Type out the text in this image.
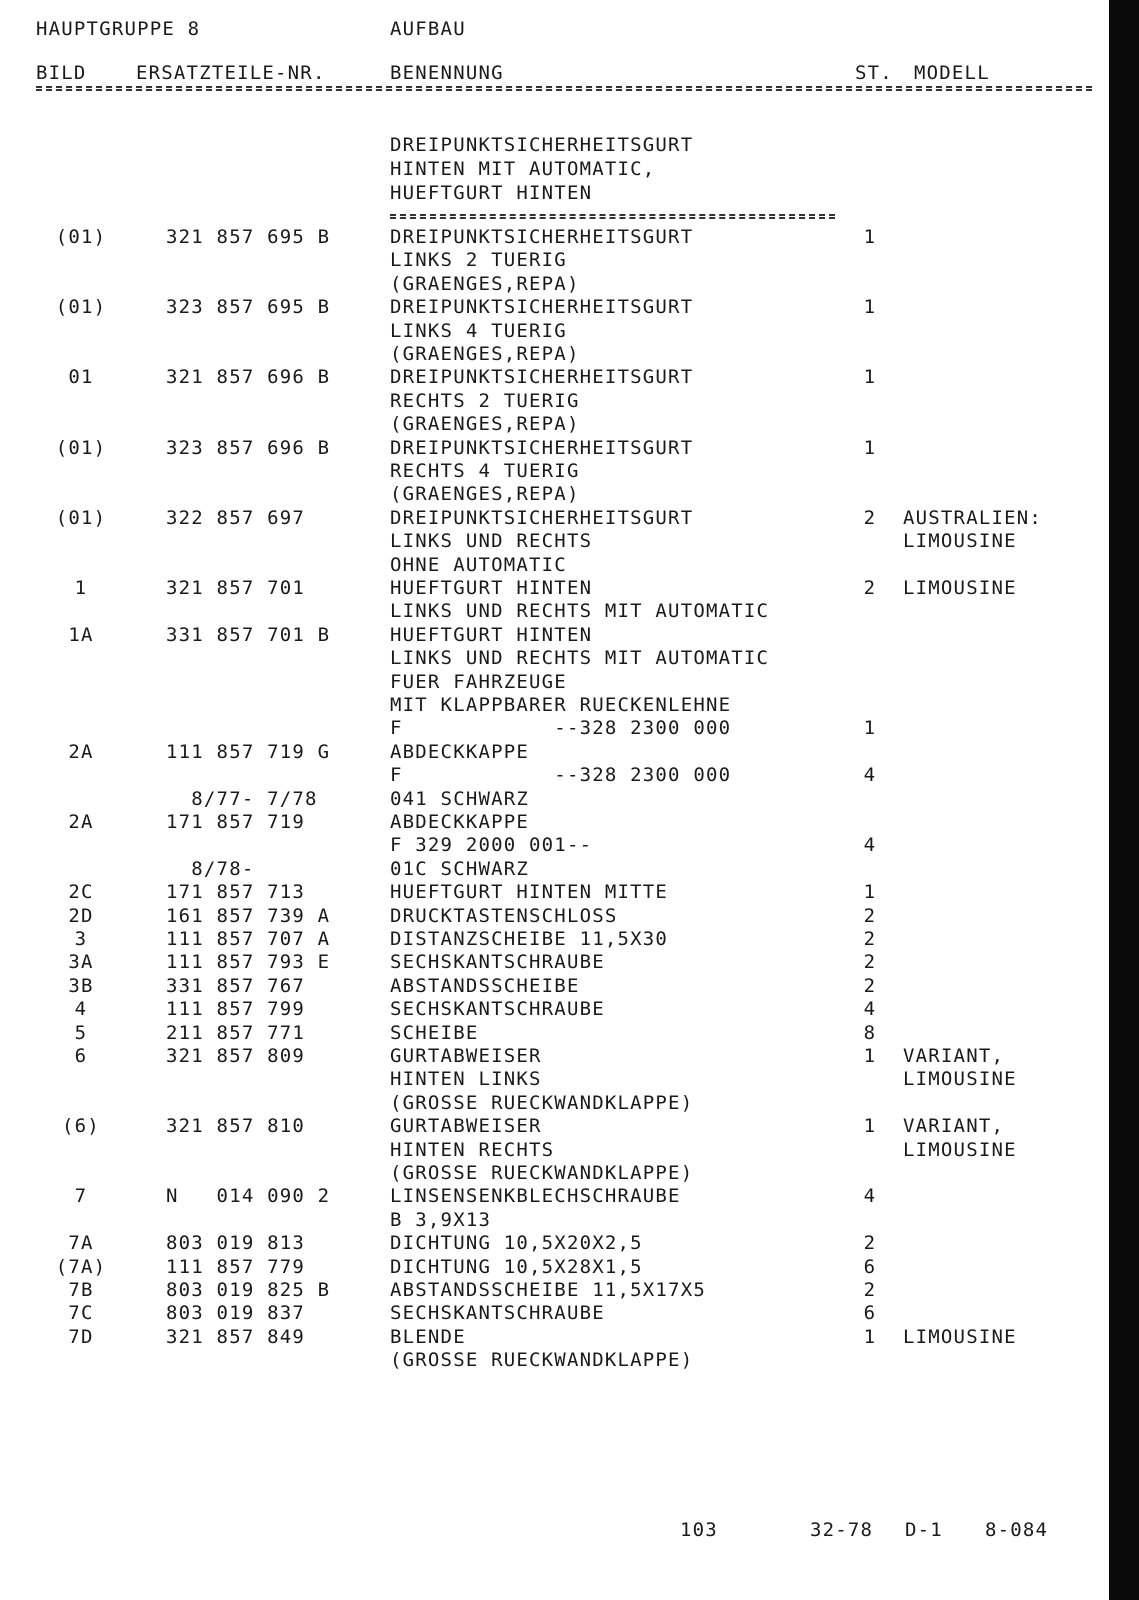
HAUPTGRUPPE 8	AUFBAU
BILD	ERSATZTEILE-NR.	BENENNUNG	ST. MODELL
DREIPUNKTSICHERHEITSGURT
HINTEN MIT AUTOMATIC,
HUEFTGURT HINTEN
(01)	321 857 695 B	DREIPUNKTSICHERHEITSGURT	1
LINKS 2 TUERIG
(GRAENGES,REPA)
(01)	323 857 695 B	DREIPUNKTSICHERHEITSGURT	1
LINKS 4 TUERIG
(GRAENGES,REPA)
01	321 857 696 B	DREIPUNKTSICHERHEITSGURT	1
RECHTS 2 TUERIG
(GRAENGES,REPA)
(01)	323 857 696 B	DREIPUNKTSICHERHEITSGURT	1
RECHTS 4 TUERIG
(GRAENGES,REPA)
(01)	322 857 697	DREIPUNKTSICHERHEITSGURT	2	AUSTRALIEN:
LINKS UND RECHTS	LIMOUSINE
OHNE AUTOMATIC
1	321 857 701	HUEFTGURT HINTEN	2	LIMOUSINE
LINKS UND RECHTS MIT AUTOMATIC
1A	331 857 701 B	HUEFTGURT HINTEN
LINKS UND RECHTS MIT AUTOMATIC
FUER FAHRZEUGE
MIT KLAPPBARER RUECKENLEHNE
F            --328 2300 000	1
2A	111 857 719 G	ABDECKKAPPE
F            --328 2300 000	4
8/77- 7/78	041 SCHWARZ
2A	171 857 719	ABDECKKAPPE
F 329 2000 001--	4
8/78-	01C SCHWARZ
2C	171 857 713	HUEFTGURT HINTEN MITTE	1
2D	161 857 739 A	DRUCKTASTENSCHLOSS	2
3	111 857 707 A	DISTANZSCHEIBE 11,5X30	2
3A	111 857 793 E	SECHSKANTSCHRAUBE	2
3B	331 857 767	ABSTANDSSCHEIBE	2
4	111 857 799	SECHSKANTSCHRAUBE	4
5	211 857 771	SCHEIBE	8
6	321 857 809	GURTABWEISER	1	VARIANT,
HINTEN LINKS	LIMOUSINE
(GROSSE RUECKWANDKLAPPE)
(6)	321 857 810	GURTABWEISER	1	VARIANT,
HINTEN RECHTS	LIMOUSINE
(GROSSE RUECKWANDKLAPPE)
7	N   014 090 2	LINSENSENKBLECHSCHRAUBE	4
B 3,9X13
7A	803 019 813	DICHTUNG 10,5X20X2,5	2
(7A)	111 857 779	DICHTUNG 10,5X28X1,5	6
7B	803 019 825 B	ABSTANDSSCHEIBE 11,5X17X5	2
7C	803 019 837	SECHSKANTSCHRAUBE	6
7D	321 857 849	BLENDE	1	LIMOUSINE
(GROSSE RUECKWANDKLAPPE)
103	32-78 D-1 8-084
